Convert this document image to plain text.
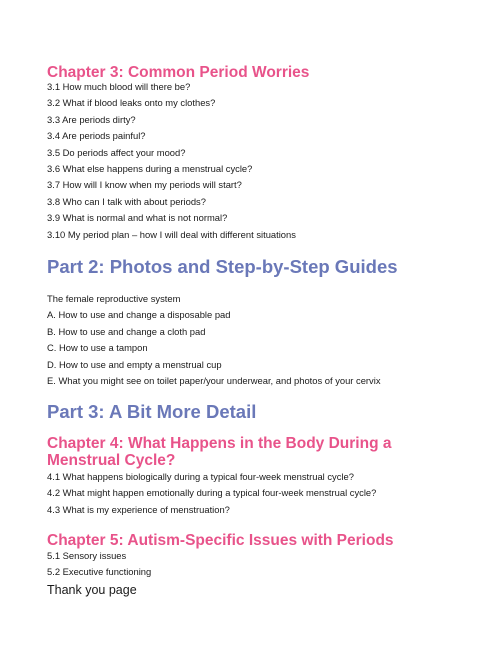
Chapter 3: Common Period Worries
3.1 How much blood will there be?
3.2 What if blood leaks onto my clothes?
3.3 Are periods dirty?
3.4 Are periods painful?
3.5 Do periods affect your mood?
3.6 What else happens during a menstrual cycle?
3.7 How will I know when my periods will start?
3.8 Who can I talk with about periods?
3.9 What is normal and what is not normal?
3.10 My period plan – how I will deal with different situations
Part 2: Photos and Step-by-Step Guides
The female reproductive system
A. How to use and change a disposable pad
B. How to use and change a cloth pad
C. How to use a tampon
D. How to use and empty a menstrual cup
E. What you might see on toilet paper/your underwear, and photos of your cervix
Part 3: A Bit More Detail
Chapter 4: What Happens in the Body During a
Menstrual Cycle?
4.1 What happens biologically during a typical four-week menstrual cycle?
4.2 What might happen emotionally during a typical four-week menstrual cycle?
4.3 What is my experience of menstruation?
Chapter 5: Autism-Specific Issues with Periods
5.1 Sensory issues
5.2 Executive functioning

Thank you page
